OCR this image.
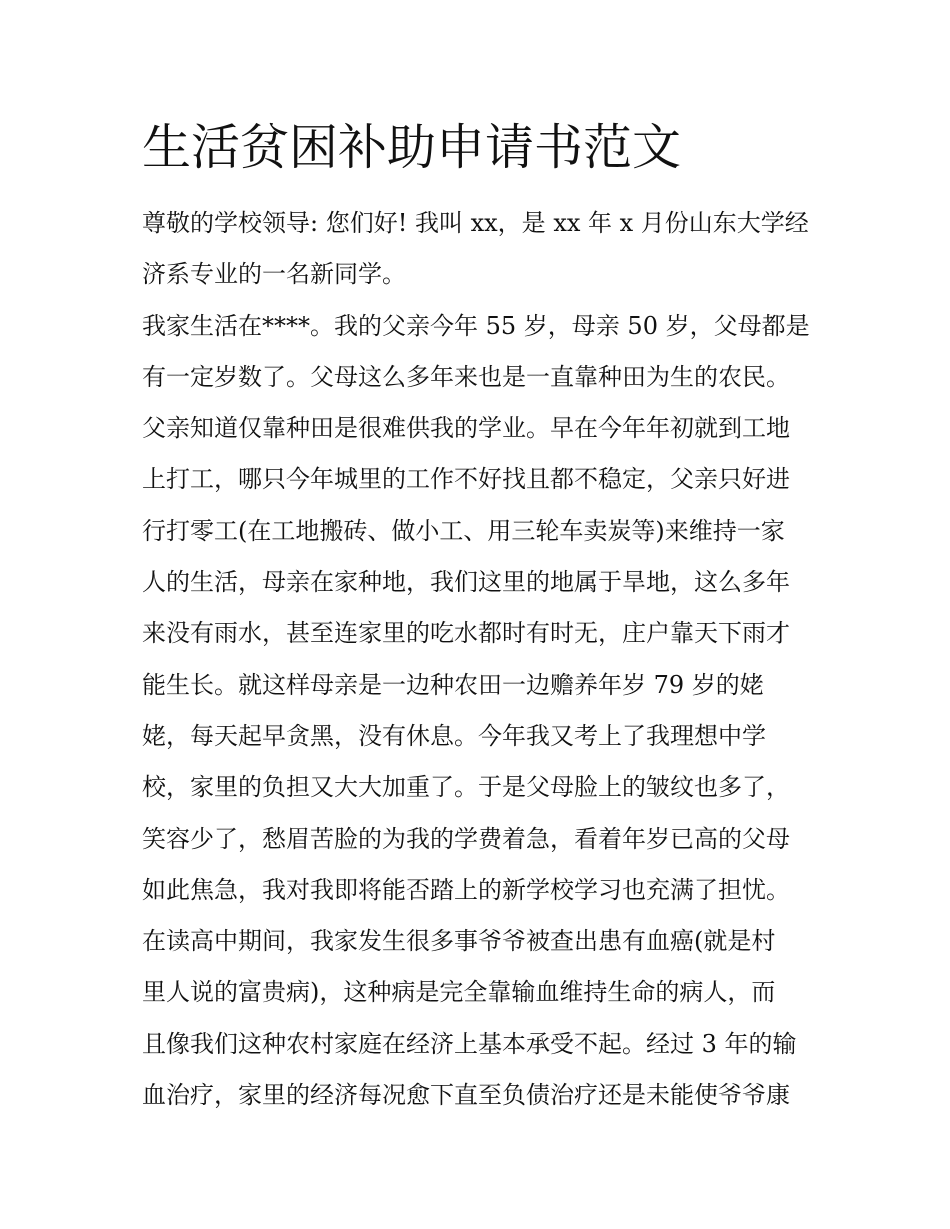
生活贫困补助申请书范文
尊敬的学校领导: 您们好! 我叫 xx，是 xx 年 x 月份山东大学经
济系专业的一名新同学。
我家生活在****。我的父亲今年 55 岁，母亲 50 岁，父母都是
有一定岁数了。父母这么多年来也是一直靠种田为生的农民。
父亲知道仅靠种田是很难供我的学业。早在今年年初就到工地
上打工，哪只今年城里的工作不好找且都不稳定，父亲只好进
行打零工(在工地搬砖、做小工、用三轮车卖炭等)来维持一家
人的生活，母亲在家种地，我们这里的地属于旱地，这么多年
来没有雨水，甚至连家里的吃水都时有时无，庄户靠天下雨才
能生长。就这样母亲是一边种农田一边赡养年岁 79 岁的姥
姥，每天起早贪黑，没有休息。今年我又考上了我理想中学
校，家里的负担又大大加重了。于是父母脸上的皱纹也多了，
笑容少了，愁眉苦脸的为我的学费着急，看着年岁已高的父母
如此焦急，我对我即将能否踏上的新学校学习也充满了担忧。
在读高中期间，我家发生很多事爷爷被查出患有血癌(就是村
里人说的富贵病)，这种病是完全靠输血维持生命的病人，而
且像我们这种农村家庭在经济上基本承受不起。经过 3 年的输
血治疗，家里的经济每况愈下直至负债治疗还是未能使爷爷康
